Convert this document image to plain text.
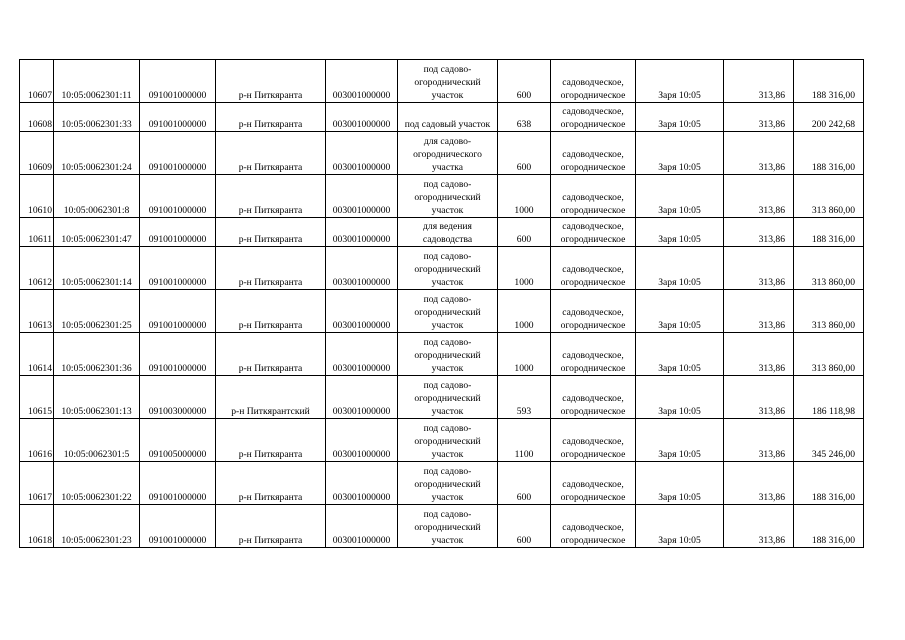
10607	10:05:0062301:11	091001000000	р-н Питкяранта	003001000000	под садово-огороднический участок	600	садоводческое, огородническое	Заря 10:05	313,86	188 316,00
10608	10:05:0062301:33	091001000000	р-н Питкяранта	003001000000	под садовый участок	638	садоводческое, огородническое	Заря 10:05	313,86	200 242,68
10609	10:05:0062301:24	091001000000	р-н Питкяранта	003001000000	для садово-огороднического участка	600	садоводческое, огородническое	Заря 10:05	313,86	188 316,00
10610	10:05:0062301:8	091001000000	р-н Питкяранта	003001000000	под садово-огороднический участок	1000	садоводческое, огородническое	Заря 10:05	313,86	313 860,00
10611	10:05:0062301:47	091001000000	р-н Питкяранта	003001000000	для ведения садоводства	600	садоводческое, огородническое	Заря 10:05	313,86	188 316,00
10612	10:05:0062301:14	091001000000	р-н Питкяранта	003001000000	под садово-огороднический участок	1000	садоводческое, огородническое	Заря 10:05	313,86	313 860,00
10613	10:05:0062301:25	091001000000	р-н Питкяранта	003001000000	под садово-огороднический участок	1000	садоводческое, огородническое	Заря 10:05	313,86	313 860,00
10614	10:05:0062301:36	091001000000	р-н Питкяранта	003001000000	под садово-огороднический участок	1000	садоводческое, огородническое	Заря 10:05	313,86	313 860,00
10615	10:05:0062301:13	091003000000	р-н Питкярантский	003001000000	под садово-огороднический участок	593	садоводческое, огородническое	Заря 10:05	313,86	186 118,98
10616	10:05:0062301:5	091005000000	р-н Питкяранта	003001000000	под садово-огороднический участок	1100	садоводческое, огородническое	Заря 10:05	313,86	345 246,00
10617	10:05:0062301:22	091001000000	р-н Питкяранта	003001000000	под садово-огороднический участок	600	садоводческое, огородническое	Заря 10:05	313,86	188 316,00
10618	10:05:0062301:23	091001000000	р-н Питкяранта	003001000000	под садово-огороднический участок	600	садоводческое, огородническое	Заря 10:05	313,86	188 316,00
